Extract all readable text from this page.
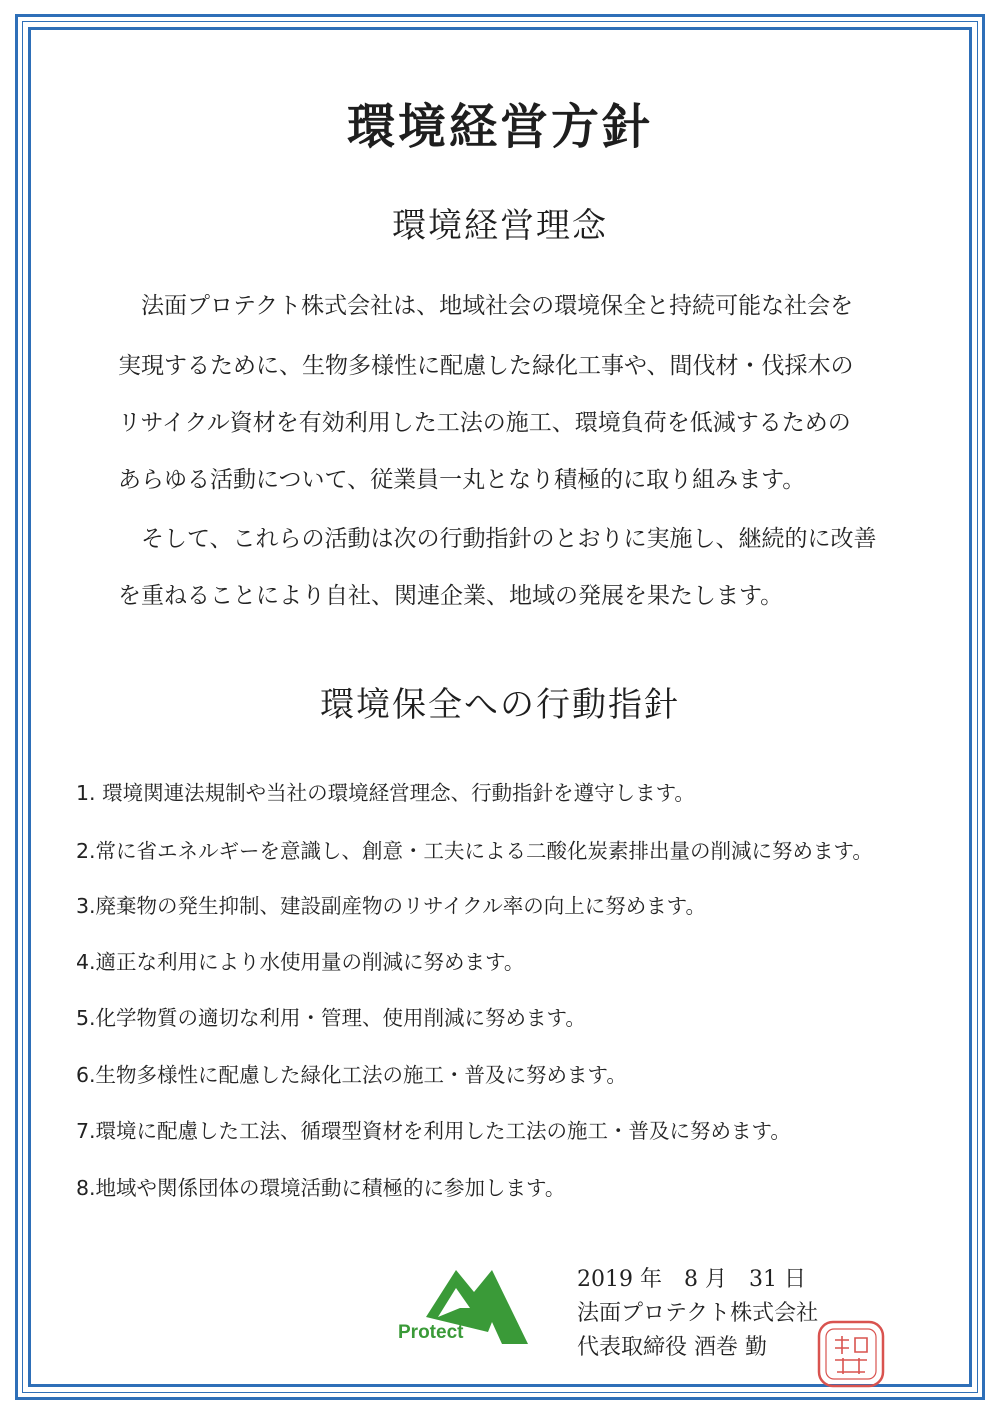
環境経営方針
環境経営理念
　法面プロテクト株式会社は、地域社会の環境保全と持続可能な社会を
実現するために、生物多様性に配慮した緑化工事や、間伐材・伐採木の
リサイクル資材を有効利用した工法の施工、環境負荷を低減するための
あらゆる活動について、従業員一丸となり積極的に取り組みます。
　そして、これらの活動は次の行動指針のとおりに実施し、継続的に改善
を重ねることにより自社、関連企業、地域の発展を果たします。
環境保全への行動指針
1. 環境関連法規制や当社の環境経営理念、行動指針を遵守します。
2.常に省エネルギーを意識し、創意・工夫による二酸化炭素排出量の削減に努めます。
3.廃棄物の発生抑制、建設副産物のリサイクル率の向上に努めます。
4.適正な利用により水使用量の削減に努めます。
5.化学物質の適切な利用・管理、使用削減に努めます。
6.生物多様性に配慮した緑化工法の施工・普及に努めます。
7.環境に配慮した工法、循環型資材を利用した工法の施工・普及に努めます。
8.地域や関係団体の環境活動に積極的に参加します。
Protect
2019 年　8 月　31 日
法面プロテクト株式会社
代表取締役 酒巻 勤
